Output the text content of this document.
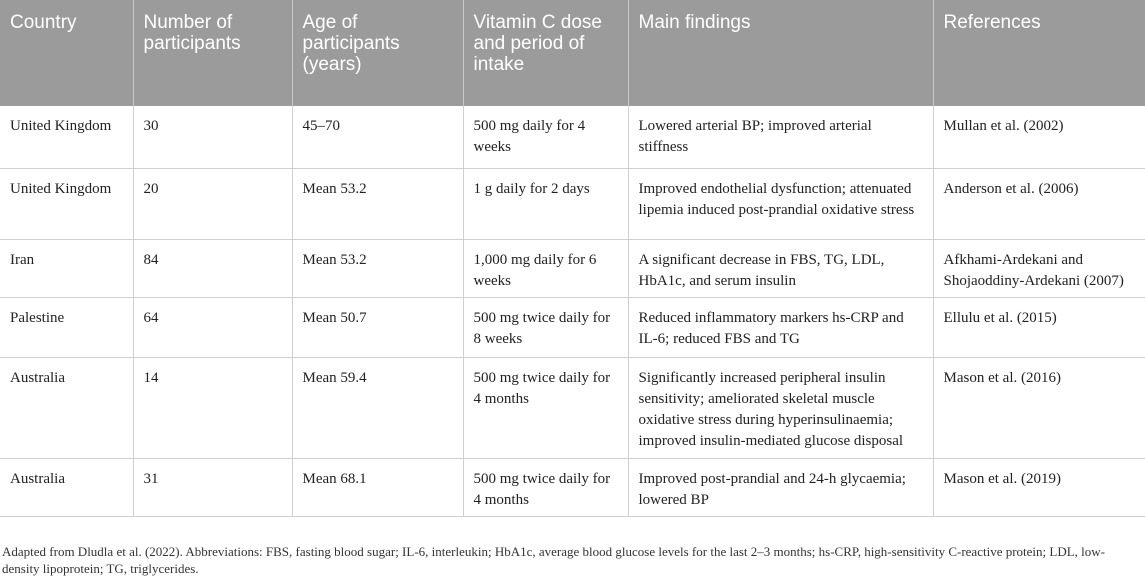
Country	Number of participants	Age of participants (years)	Vitamin C dose and period of intake	Main findings	References
United Kingdom	30	45–70	500 mg daily for 4 weeks	Lowered arterial BP; improved arterial stiffness	Mullan et al. (2002)
United Kingdom	20	Mean 53.2	1 g daily for 2 days	Improved endothelial dysfunction; attenuated lipemia induced post-prandial oxidative stress	Anderson et al. (2006)
Iran	84	Mean 53.2	1,000 mg daily for 6 weeks	A significant decrease in FBS, TG, LDL, HbA1c, and serum insulin	Afkhami-Ardekani and Shojaoddiny-Ardekani (2007)
Palestine	64	Mean 50.7	500 mg twice daily for 8 weeks	Reduced inflammatory markers hs-CRP and IL-6; reduced FBS and TG	Ellulu et al. (2015)
Australia	14	Mean 59.4	500 mg twice daily for 4 months	Significantly increased peripheral insulin sensitivity; ameliorated skeletal muscle oxidative stress during hyperinsulinaemia; improved insulin-mediated glucose disposal	Mason et al. (2016)
Australia	31	Mean 68.1	500 mg twice daily for 4 months	Improved post-prandial and 24-h glycaemia; lowered BP	Mason et al. (2019)
Adapted from Dludla et al. (2022). Abbreviations: FBS, fasting blood sugar; IL-6, interleukin; HbA1c, average blood glucose levels for the last 2–3 months; hs-CRP, high-sensitivity C-reactive protein; LDL, low-density lipoprotein; TG, triglycerides.
